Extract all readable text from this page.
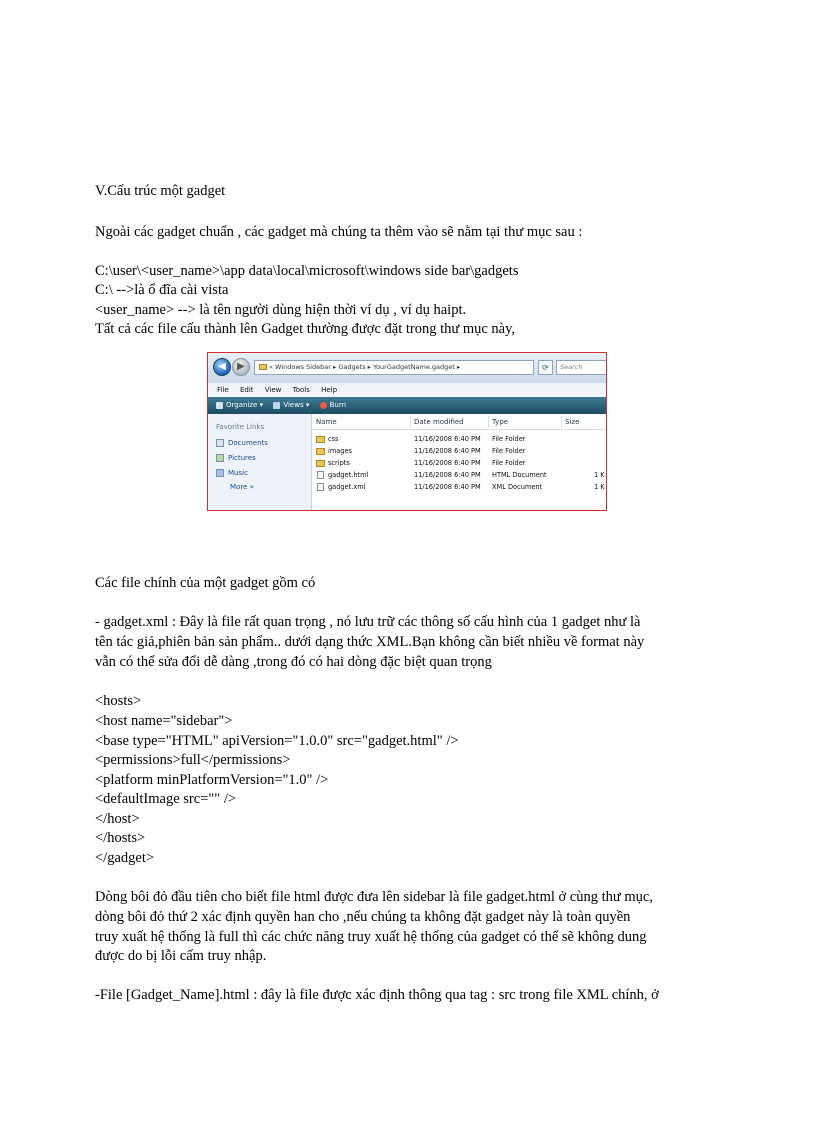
V.Cấu trúc một gadget
Ngoài các gadget chuẩn , các gadget mà chúng ta thêm vào sẽ nằm tại thư mục sau :
C:\user\<user_name>\app data\local\microsoft\windows side bar\gadgets
C:\ -->là ổ đĩa cài vista
<user_name> --> là tên người dùng hiện thời ví dụ , ví dụ haipt.
Tất cả các file cấu thành lên Gadget thường được đặt trong thư mục này,
◀	▶	« Windows Sidebar ▸ Gadgets ▸ YourGadgetName.gadget ▸	⟳	Search
File Edit View Tools Help
Organize ▾	Views ▾	Burn
Favorite Links
Documents
Pictures
Music
More »
Name	Date modified	Type	Size
css	11/16/2008 6:40 PM File Folder
images	11/16/2008 6:40 PM File Folder
scripts	11/16/2008 6:40 PM File Folder
gadget.html	11/16/2008 6:40 PM HTML Document	1 K
gadget.xml	11/16/2008 6:40 PM XML Document	1 K
Các file chính của một gadget gồm có
- gadget.xml : Đây là file rất quan trọng , nó lưu trữ các thông số cấu hình của 1 gadget như là
tên tác giả,phiên bản sản phẩm.. dưới dạng thức XML.Bạn không cần biết nhiều về format này
vẫn có thể sửa đổi dễ dàng ,trong đó có hai dòng đặc biệt quan trọng
<hosts>
<host name="sidebar">
<base type="HTML" apiVersion="1.0.0" src="gadget.html" />
<permissions>full</permissions>
<platform minPlatformVersion="1.0" />
<defaultImage src="" />
</host>
</hosts>
</gadget>
Dòng bôi đỏ đầu tiên cho biết file html được đưa lên sidebar là file gadget.html ở cùng thư mục,
dòng bôi đỏ thứ 2 xác định quyền han cho ,nếu chúng ta không đặt gadget này là toàn quyền
truy xuất hệ thống là full thì các chức năng truy xuất hệ thống của gadget có thể sẽ không dung
được do bị lỗi cấm truy nhập.
-File [Gadget_Name].html : đây là file được xác định thông qua tag : src trong file XML chính, ở
